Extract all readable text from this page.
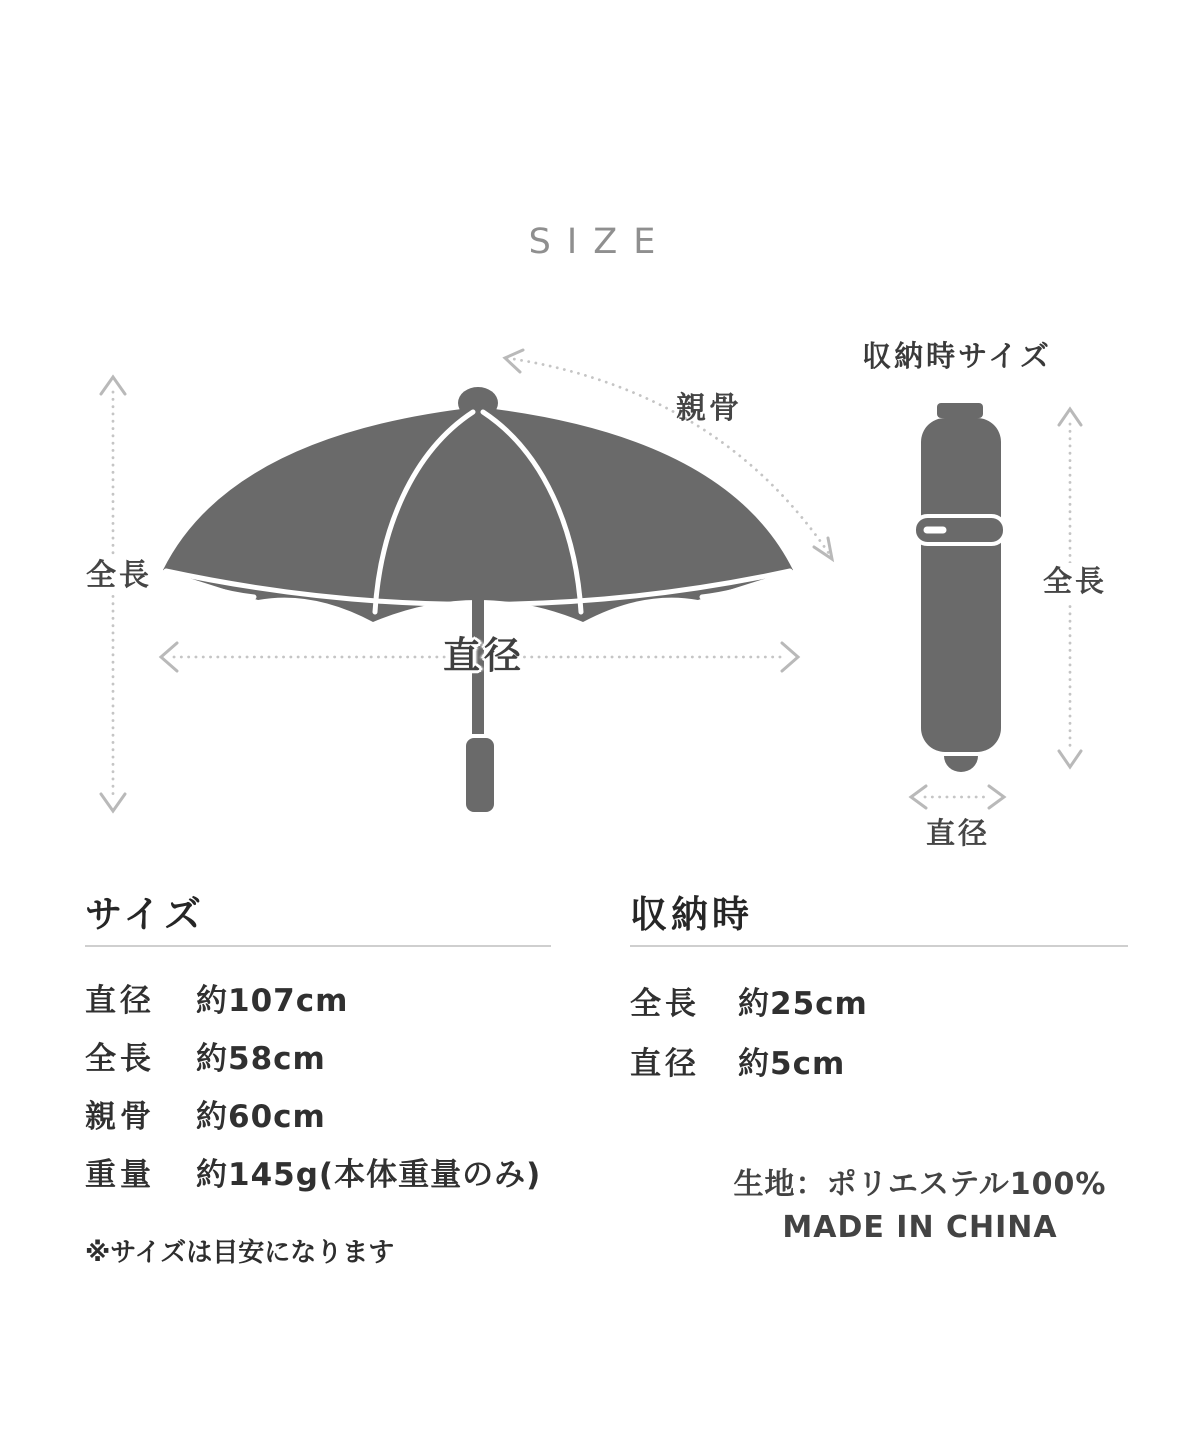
SIZE
全長
親骨
直径
収納時サイズ
全長
直径
サイズ
直径	約107cm
全長	約58cm
親骨	約60cm
重量	約145g(本体重量のみ)
※サイズは目安になります
収納時
全長	約25cm
直径	約5cm
生地：ポリエステル100%
MADE IN CHINA
